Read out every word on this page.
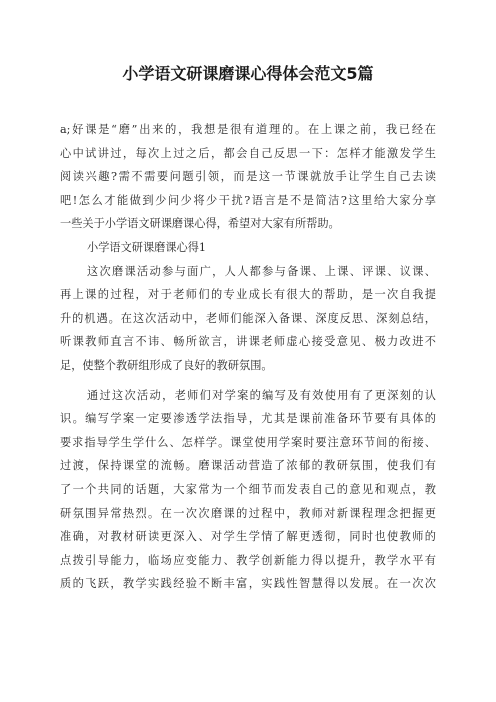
小学语文研课磨课心得体会范文5篇
a;好课是“磨”出来的，我想是很有道理的。在上课之前，我已经在
心中试讲过，每次上过之后，都会自己反思一下：怎样才能激发学生
阅读兴趣?需不需要问题引领，而是这一节课就放手让学生自己去读
吧!怎么才能做到少问少将少干扰?语言是不是简洁?这里给大家分享
一些关于小学语文研课磨课心得，希望对大家有所帮助。
小学语文研课磨课心得1
这次磨课活动参与面广，人人都参与备课、上课、评课、议课、
再上课的过程，对于老师们的专业成长有很大的帮助，是一次自我提
升的机遇。在这次活动中，老师们能深入备课、深度反思、深刻总结，
听课教师直言不讳、畅所欲言，讲课老师虚心接受意见、极力改进不
足，使整个教研组形成了良好的教研氛围。
通过这次活动，老师们对学案的编写及有效使用有了更深刻的认
识。编写学案一定要渗透学法指导，尤其是课前准备环节要有具体的
要求指导学生学什么、怎样学。课堂使用学案时要注意环节间的衔接、
过渡，保持课堂的流畅。磨课活动营造了浓郁的教研氛围，使我们有
了一个共同的话题，大家常为一个细节而发表自己的意见和观点，教
研氛围异常热烈。在一次次磨课的过程中，教师对新课程理念把握更
准确，对教材研读更深入、对学生学情了解更透彻，同时也使教师的
点拨引导能力，临场应变能力、教学创新能力得以提升，教学水平有
质的飞跃，教学实践经验不断丰富，实践性智慧得以发展。在一次次
